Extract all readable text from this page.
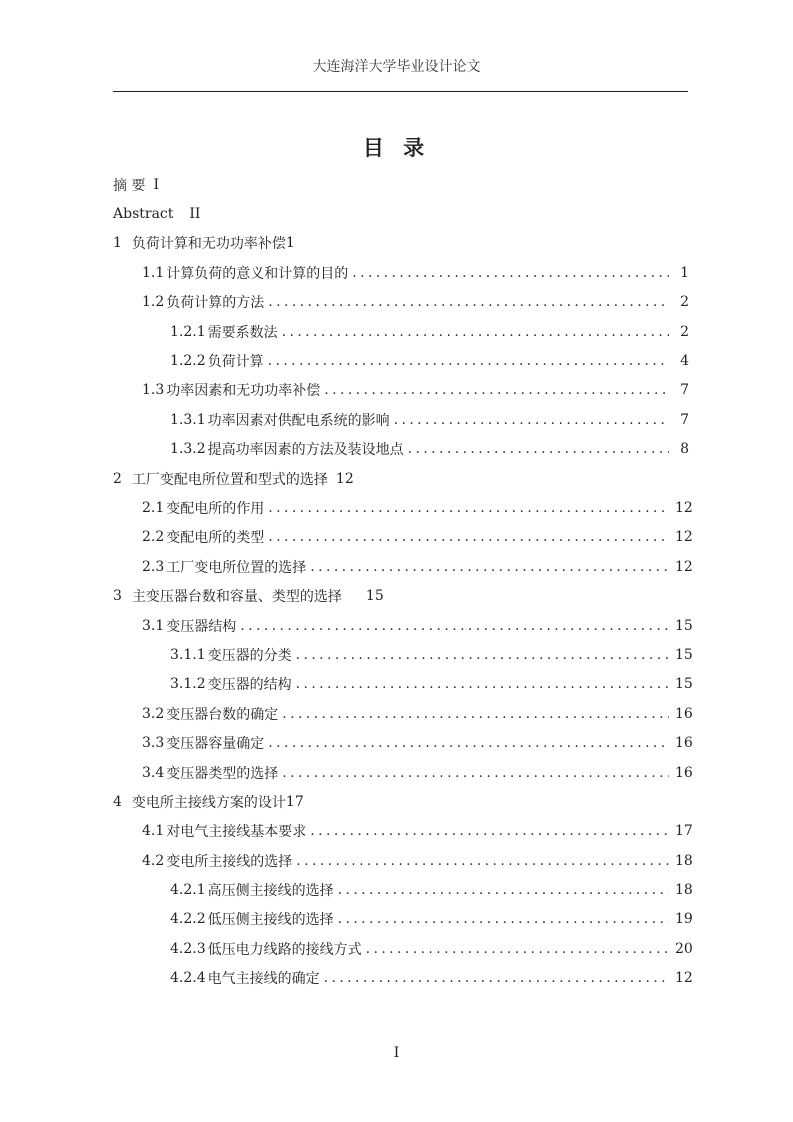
大连海洋大学毕业设计论文
目 录
摘 要 I
Abstract II
1 负荷计算和无功功率补偿 1
1.1 计算负荷的意义和计算的目的 .....	1
1.2 负荷计算的方法 .....	2
1.2.1 需要系数法 .....	2
1.2.2 负荷计算 .....	4
1.3 功率因素和无功功率补偿 .....	7
1.3.1 功率因素对供配电系统的影响 .....	7
1.3.2 提高功率因素的方法及装设地点 .....	8
2 工厂变配电所位置和型式的选择 12
2.1 变配电所的作用 .....	12
2.2 变配电所的类型 .....	12
2.3 工厂变电所位置的选择 .....	12
3 主变压器台数和容量、类型的选择 15
3.1 变压器结构 .....	15
3.1.1 变压器的分类 .....	15
3.1.2 变压器的结构 .....	15
3.2 变压器台数的确定 .....	16
3.3 变压器容量确定 .....	16
3.4 变压器类型的选择 .....	16
4 变电所主接线方案的设计 17
4.1 对电气主接线基本要求 .....	17
4.2 变电所主接线的选择 .....	18
4.2.1 高压侧主接线的选择 .....	18
4.2.2 低压侧主接线的选择 .....	19
4.2.3 低压电力线路的接线方式 .....	20
4.2.4 电气主接线的确定 .....	12
I
